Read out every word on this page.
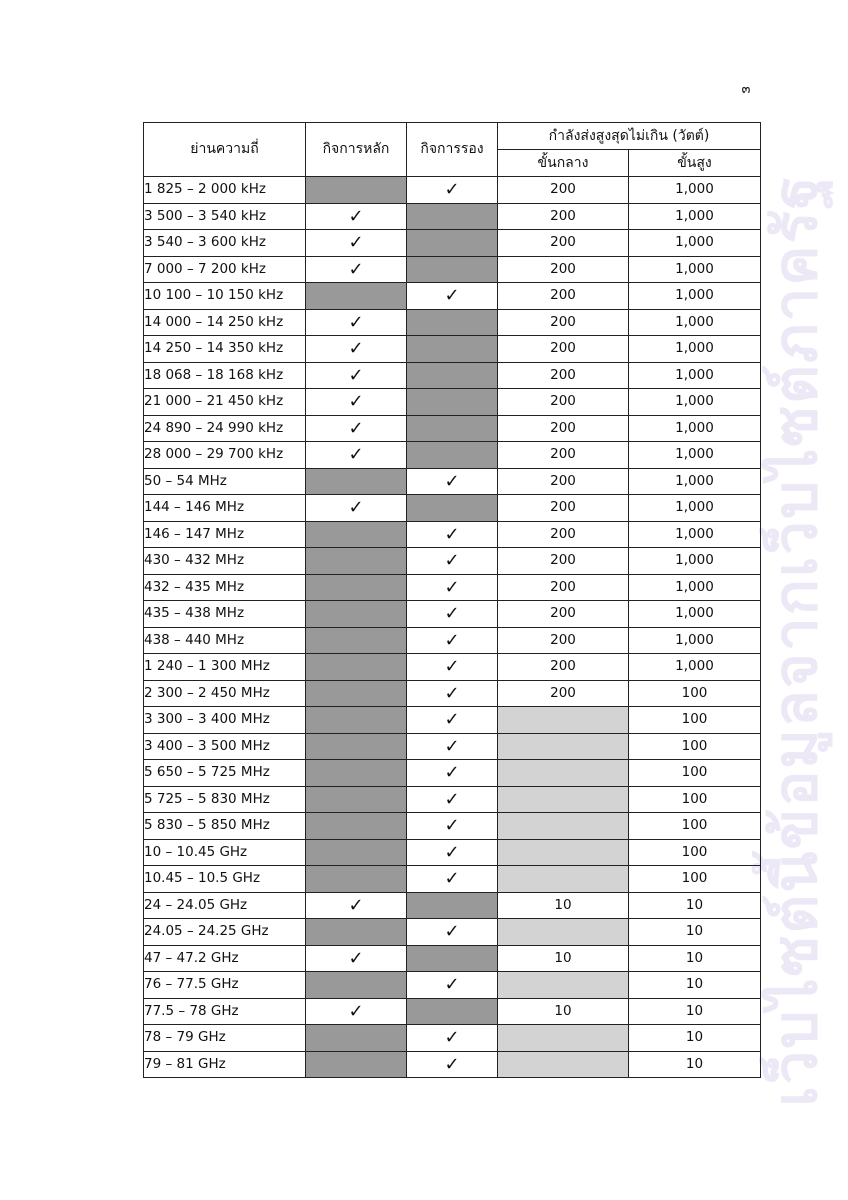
๓
เว็บไซต์นี้ข้อมูลจากเว็บไซต์ภาครัฐ
ย่านความถี่	กิจการหลัก	กิจการรอง	กำลังส่งสูงสุดไม่เกิน (วัตต์)	
			ขั้นกลาง	ขั้นสูง
1 825 – 2 000 kHz		✓	200	1,000
3 500 – 3 540 kHz	✓		200	1,000
3 540 – 3 600 kHz	✓		200	1,000
7 000 – 7 200 kHz	✓		200	1,000
10 100 – 10 150 kHz		✓	200	1,000
14 000 – 14 250 kHz	✓		200	1,000
14 250 – 14 350 kHz	✓		200	1,000
18 068 – 18 168 kHz	✓		200	1,000
21 000 – 21 450 kHz	✓		200	1,000
24 890 – 24 990 kHz	✓		200	1,000
28 000 – 29 700 kHz	✓		200	1,000
50 – 54 MHz		✓	200	1,000
144 – 146 MHz	✓		200	1,000
146 – 147 MHz		✓	200	1,000
430 – 432 MHz		✓	200	1,000
432 – 435 MHz		✓	200	1,000
435 – 438 MHz		✓	200	1,000
438 – 440 MHz		✓	200	1,000
1 240 – 1 300 MHz		✓	200	1,000
2 300 – 2 450 MHz		✓	200	100
3 300 – 3 400 MHz		✓		100
3 400 – 3 500 MHz		✓		100
5 650 – 5 725 MHz		✓		100
5 725 – 5 830 MHz		✓		100
5 830 – 5 850 MHz		✓		100
10 – 10.45 GHz		✓		100
10.45 – 10.5 GHz		✓		100
24 – 24.05 GHz	✓		10	10
24.05 – 24.25 GHz		✓		10
47 – 47.2 GHz	✓		10	10
76 – 77.5 GHz		✓		10
77.5 – 78 GHz	✓		10	10
78 – 79 GHz		✓		10
79 – 81 GHz		✓		10
